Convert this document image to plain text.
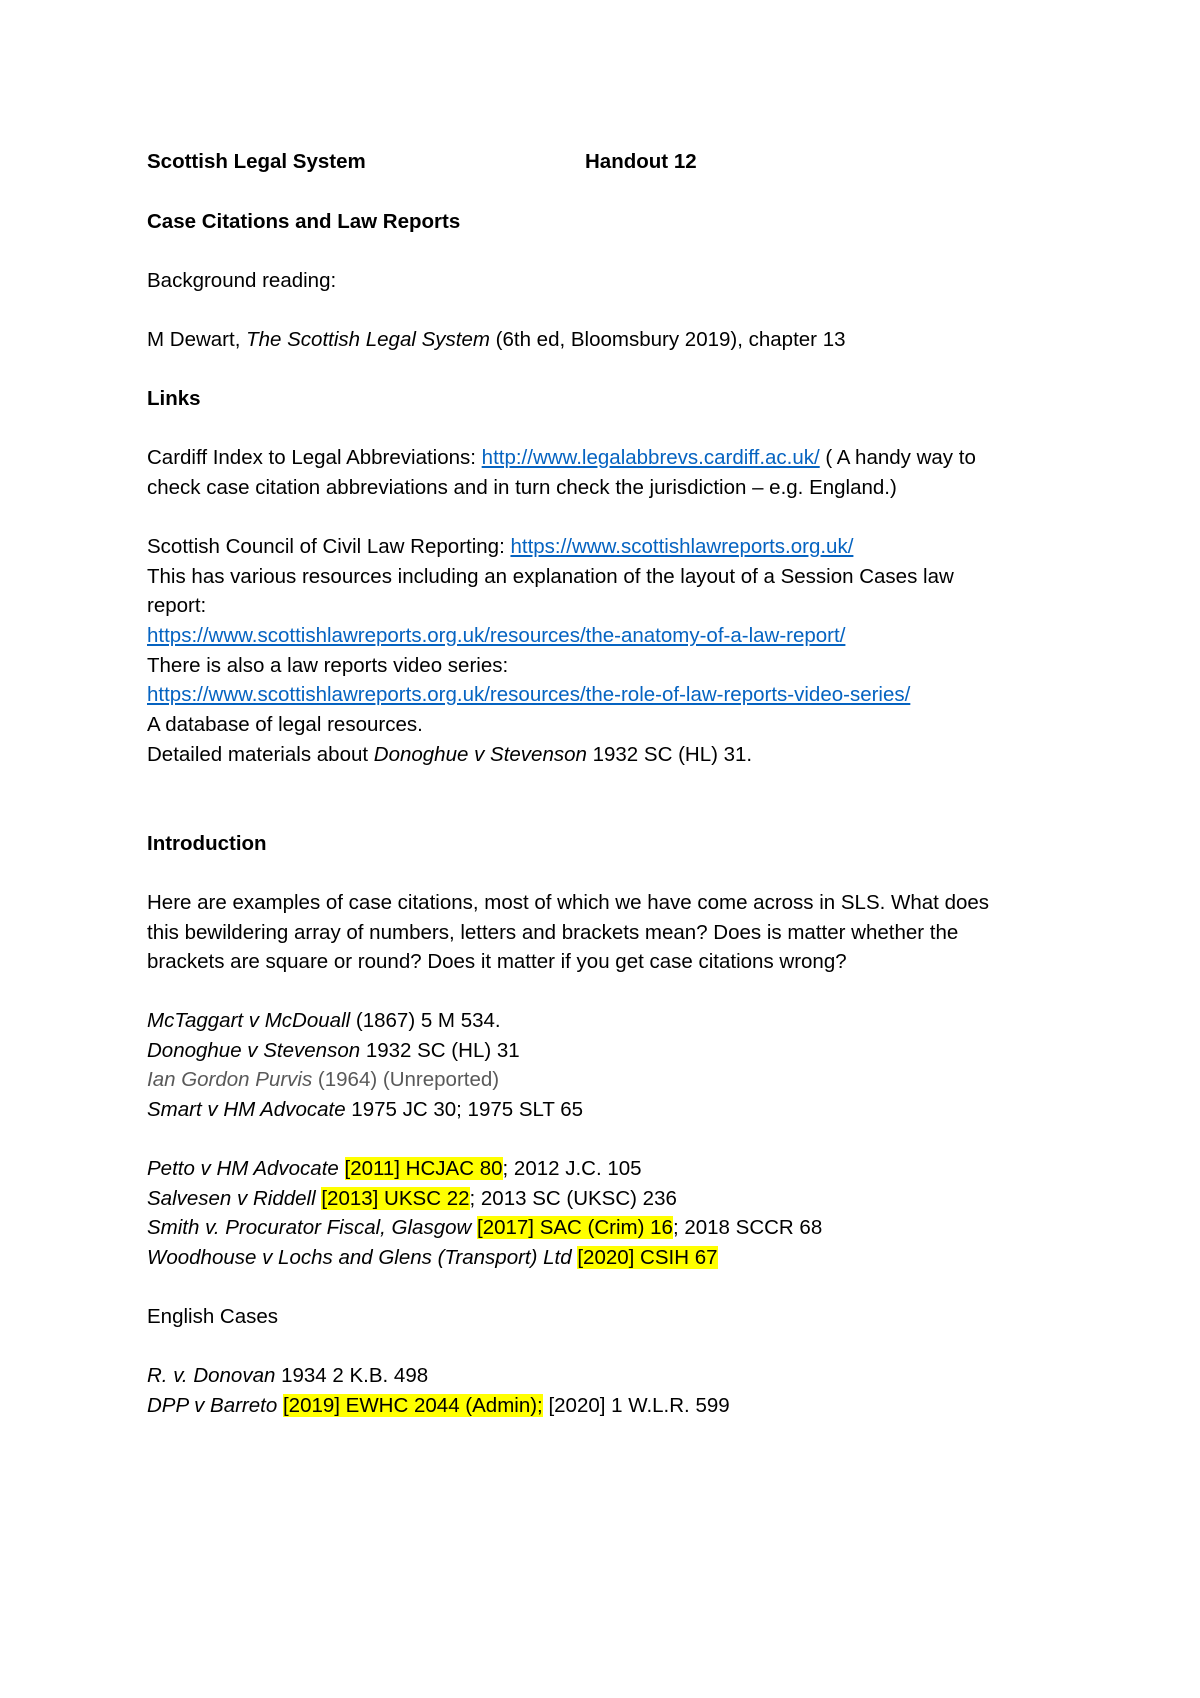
Scottish Legal System	Handout 12
Case Citations and Law Reports
Background reading:
M Dewart, The Scottish Legal System (6th ed, Bloomsbury 2019), chapter 13
Links
Cardiff Index to Legal Abbreviations: http://www.legalabbrevs.cardiff.ac.uk/ ( A handy way to
check case citation abbreviations and in turn check the jurisdiction – e.g. England.)
Scottish Council of Civil Law Reporting: https://www.scottishlawreports.org.uk/
This has various resources including an explanation of the layout of a Session Cases law
report:
https://www.scottishlawreports.org.uk/resources/the-anatomy-of-a-law-report/
There is also a law reports video series:
https://www.scottishlawreports.org.uk/resources/the-role-of-law-reports-video-series/
A database of legal resources.
Detailed materials about Donoghue v Stevenson 1932 SC (HL) 31.
Introduction
Here are examples of case citations, most of which we have come across in SLS. What does
this bewildering array of numbers, letters and brackets mean? Does is matter whether the
brackets are square or round? Does it matter if you get case citations wrong?
McTaggart v McDouall (1867) 5 M 534.
Donoghue v Stevenson 1932 SC (HL) 31
Ian Gordon Purvis (1964) (Unreported)
Smart v HM Advocate 1975 JC 30; 1975 SLT 65
Petto v HM Advocate [2011] HCJAC 80; 2012 J.C. 105
Salvesen v Riddell [2013] UKSC 22; 2013 SC (UKSC) 236
Smith v. Procurator Fiscal, Glasgow [2017] SAC (Crim) 16; 2018 SCCR 68
Woodhouse v Lochs and Glens (Transport) Ltd [2020] CSIH 67
English Cases
R. v. Donovan 1934 2 K.B. 498
DPP v Barreto [2019] EWHC 2044 (Admin); [2020] 1 W.L.R. 599
